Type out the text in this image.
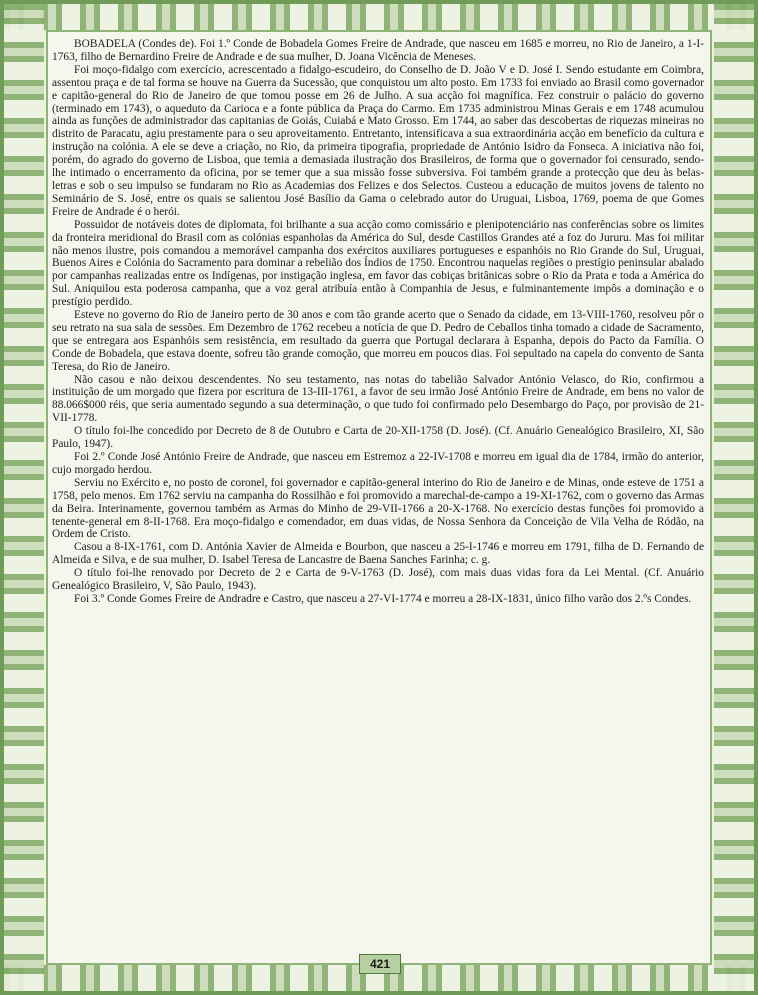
BOBADELA (Condes de). Foi 1.º Conde de Bobadela Gomes Freire de Andrade, que nasceu em 1685 e morreu, no Rio de Janeiro, a 1-I-1763, filho de Bernardino Freire de Andrade e de sua mulher, D. Joana Vicência de Meneses.

Foi moço-fidalgo com exercício, acrescentado a fidalgo-escudeiro, do Conselho de D. João V e D. José I. Sendo estudante em Coimbra, assentou praça e de tal forma se houve na Guerra da Sucessão, que conquistou um alto posto. Em 1733 foi enviado ao Brasil como governador e capitão-general do Rio de Janeiro de que tomou posse em 26 de Julho. A sua acção foi magnífica. Fez construir o palácio do governo (terminado em 1743), o aqueduto da Carioca e a fonte pública da Praça do Carmo. Em 1735 administrou Minas Gerais e em 1748 acumulou ainda as funções de administrador das capitanias de Goiás, Cuiabá e Mato Grosso. Em 1744, ao saber das descobertas de riquezas mineiras no distrito de Paracatu, agiu prestamente para o seu aproveitamento. Entretanto, intensificava a sua extraordinária acção em benefício da cultura e instrução na colónia. A ele se deve a criação, no Rio, da primeira tipografia, propriedade de António Isidro da Fonseca. A iniciativa não foi, porém, do agrado do governo de Lisboa, que temia a demasiada ilustração dos Brasileiros, de forma que o governador foi censurado, sendo-lhe intimado o encerramento da oficina, por se temer que a sua missão fosse subversiva. Foi também grande a protecção que deu às belas-letras e sob o seu impulso se fundaram no Rio as Academias dos Felizes e dos Selectos. Custeou a educação de muitos jovens de talento no Seminário de S. José, entre os quais se salientou José Basílio da Gama o celebrado autor do Uruguai, Lisboa, 1769, poema de que Gomes Freire de Andrade é o herói.

Possuidor de notáveis dotes de diplomata, foi brilhante a sua acção como comissário e plenipotenciário nas conferências sobre os limites da fronteira meridional do Brasil com as colónias espanholas da América do Sul, desde Castillos Grandes até a foz do Jururu. Mas foi militar não menos ilustre, pois comandou a memorável campanha dos exércitos auxiliares portugueses e espanhóis no Rio Grande do Sul, Uruguai, Buenos Aires e Colónia do Sacramento para dominar a rebelião dos Índios de 1750. Encontrou naquelas regiões o prestígio peninsular abalado por campanhas realizadas entre os Indígenas, por instigação inglesa, em favor das cobiças britânicas sobre o Rio da Prata e toda a América do Sul. Aniquilou esta poderosa campanha, que a voz geral atribuía então à Companhia de Jesus, e fulminantemente impôs a dominação e o prestígio perdido.

Esteve no governo do Rio de Janeiro perto de 30 anos e com tão grande acerto que o Senado da cidade, em 13-VIII-1760, resolveu pôr o seu retrato na sua sala de sessões. Em Dezembro de 1762 recebeu a notícia de que D. Pedro de Ceballos tinha tomado a cidade de Sacramento, que se entregara aos Espanhóis sem resistência, em resultado da guerra que Portugal declarara à Espanha, depois do Pacto da Família. O Conde de Bobadela, que estava doente, sofreu tão grande comoção, que morreu em poucos dias. Foi sepultado na capela do convento de Santa Teresa, do Rio de Janeiro.

Não casou e não deixou descendentes. No seu testamento, nas notas do tabelião Salvador António Velasco, do Rio, confirmou a instituição de um morgado que fizera por escritura de 13-III-1761, a favor de seu irmão José António Freire de Andrade, em bens no valor de 88.066$000 réis, que seria aumentado segundo a sua determinação, o que tudo foi confirmado pelo Desembargo do Paço, por provisão de 21-VII-1778.

O título foi-lhe concedido por Decreto de 8 de Outubro e Carta de 20-XII-1758 (D. José). (Cf. Anuário Genealógico Brasileiro, XI, São Paulo, 1947).

Foi 2.º Conde José António Freire de Andrade, que nasceu em Estremoz a 22-IV-1708 e morreu em igual dia de 1784, irmão do anterior, cujo morgado herdou.

Serviu no Exército e, no posto de coronel, foi governador e capitão-general interino do Rio de Janeiro e de Minas, onde esteve de 1751 a 1758, pelo menos. Em 1762 serviu na campanha do Rossilhão e foi promovido a marechal-de-campo a 19-XI-1762, com o governo das Armas da Beira. Interinamente, governou também as Armas do Minho de 29-VII-1766 a 20-X-1768. No exercício destas funções foi promovido a tenente-general em 8-II-1768. Era moço-fidalgo e comendador, em duas vidas, de Nossa Senhora da Conceição de Vila Velha de Ródão, na Ordem de Cristo.

Casou a 8-IX-1761, com D. Antónia Xavier de Almeida e Bourbon, que nasceu a 25-I-1746 e morreu em 1791, filha de D. Fernando de Almeida e Silva, e de sua mulher, D. Isabel Teresa de Lancastre de Baena Sanches Farinha; c. g.

O título foi-lhe renovado por Decreto de 2 e Carta de 9-V-1763 (D. José), com mais duas vidas fora da Lei Mental. (Cf. Anuário Genealógico Brasileiro, V, São Paulo, 1943).

Foi 3.º Conde Gomes Freire de Andradre e Castro, que nasceu a 27-VI-1774 e morreu a 28-IX-1831, único filho varão dos 2.ºs Condes.

421
